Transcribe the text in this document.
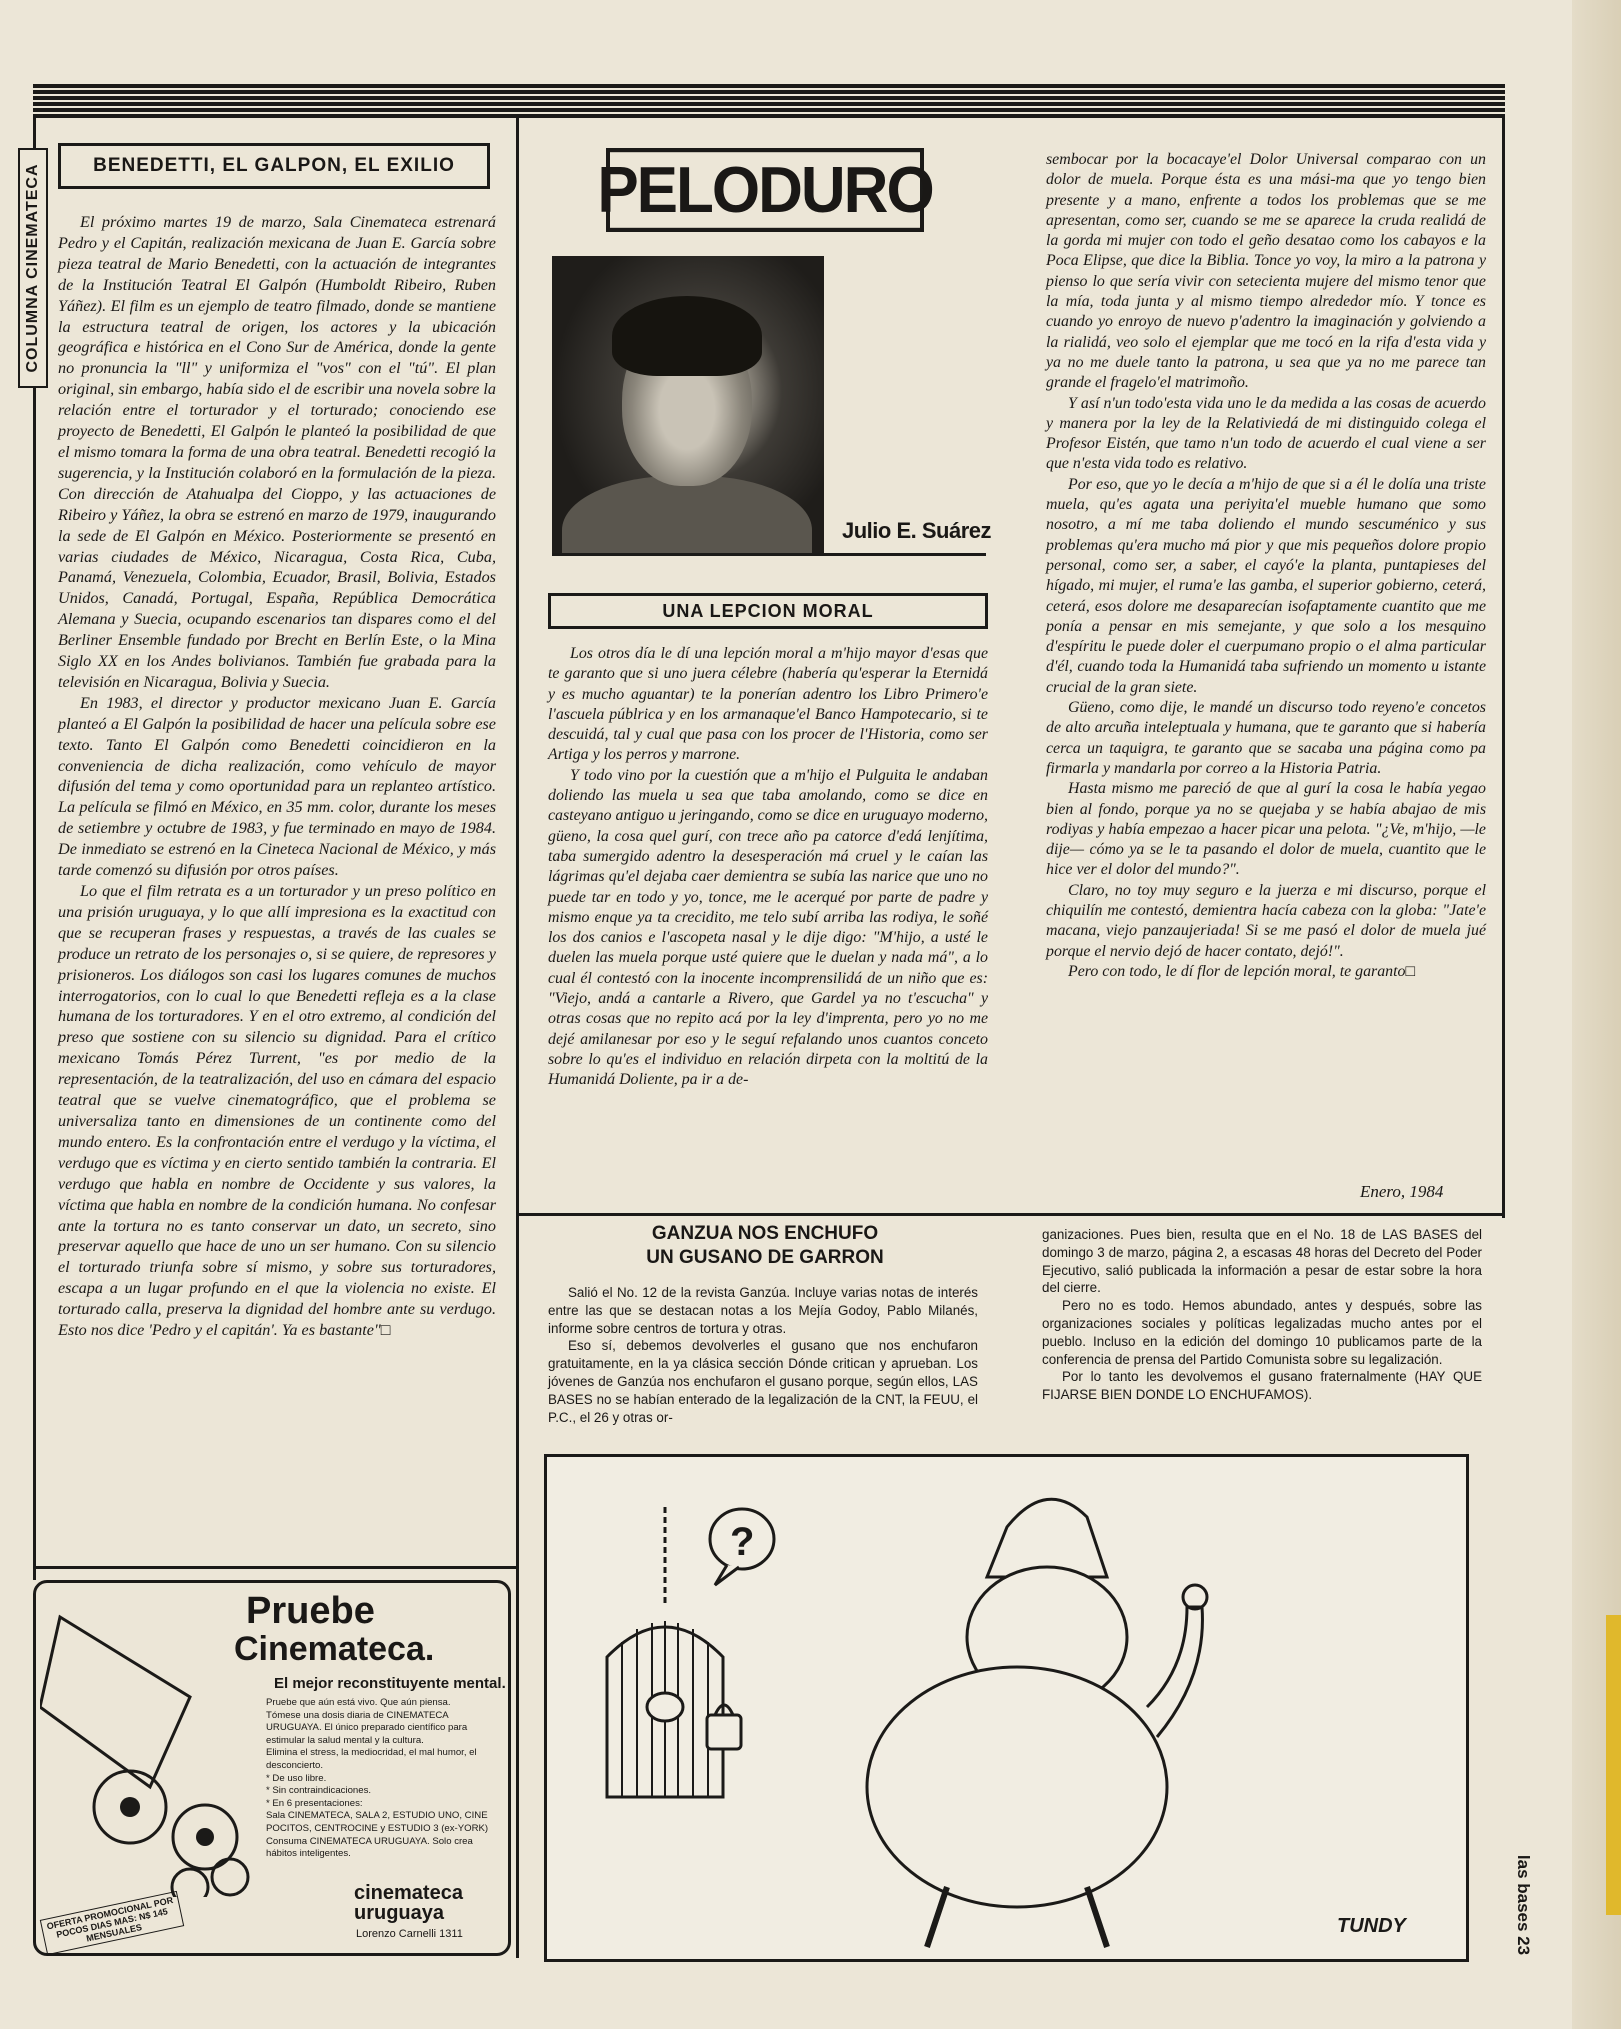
COLUMNA CINEMATECA	BENEDETTI, EL GALPON, EL EXILIO

El próximo martes 19 de marzo, Sala Cinemateca estrenará Pedro y el Capitán, realización mexicana de Juan E. García sobre pieza teatral de Mario Benedetti, con la actuación de integrantes de la Institución Teatral El Galpón (Humboldt Ribeiro, Ruben Yáñez). El film es un ejemplo de teatro filmado, donde se mantiene la estructura teatral de origen, los actores y la ubicación geográfica e histórica en el Cono Sur de América, donde la gente no pronuncia la "ll" y uniformiza el "vos" con el "tú". El plan original, sin embargo, había sido el de escribir una novela sobre la relación entre el torturador y el torturado; conociendo ese proyecto de Benedetti, El Galpón le planteó la posibilidad de que el mismo tomara la forma de una obra teatral. Benedetti recogió la sugerencia, y la Institución colaboró en la formulación de la pieza. Con dirección de Atahualpa del Cioppo, y las actuaciones de Ribeiro y Yáñez, la obra se estrenó en marzo de 1979, inaugurando la sede de El Galpón en México. Posteriormente se presentó en varias ciudades de México, Nicaragua, Costa Rica, Cuba, Panamá, Venezuela, Colombia, Ecuador, Brasil, Bolivia, Estados Unidos, Canadá, Portugal, España, República Democrática Alemana y Suecia, ocupando escenarios tan dispares como el del Berliner Ensemble fundado por Brecht en Berlín Este, o la Mina Siglo XX en los Andes bolivianos. También fue grabada para la televisión en Nicaragua, Bolivia y Suecia.

En 1983, el director y productor mexicano Juan E. García planteó a El Galpón la posibilidad de hacer una película sobre ese texto. Tanto El Galpón como Benedetti coincidieron en la conveniencia de dicha realización, como vehículo de mayor difusión del tema y como oportunidad para un replanteo artístico. La película se filmó en México, en 35 mm. color, durante los meses de setiembre y octubre de 1983, y fue terminado en mayo de 1984. De inmediato se estrenó en la Cineteca Nacional de México, y más tarde comenzó su difusión por otros países.

Lo que el film retrata es a un torturador y un preso político en una prisión uruguaya, y lo que allí impresiona es la exactitud con que se recuperan frases y respuestas, a través de las cuales se produce un retrato de los personajes o, si se quiere, de represores y prisioneros. Los diálogos son casi los lugares comunes de muchos interrogatorios, con lo cual lo que Benedetti refleja es a la clase humana de los torturadores. Y en el otro extremo, al condición del preso que sostiene con su silencio su dignidad. Para el crítico mexicano Tomás Pérez Turrent, "es por medio de la representación, de la teatralización, del uso en cámara del espacio teatral que se vuelve cinematográfico, que el problema se universaliza tanto en dimensiones de un continente como del mundo entero. Es la confrontación entre el verdugo y la víctima, el verdugo que es víctima y en cierto sentido también la contraria. El verdugo que habla en nombre de Occidente y sus valores, la víctima que habla en nombre de la condición humana. No confesar ante la tortura no es tanto conservar un dato, un secreto, sino preservar aquello que hace de uno un ser humano. Con su silencio el torturado triunfa sobre sí mismo, y sobre sus torturadores, escapa a un lugar profundo en el que la violencia no existe. El torturado calla, preserva la dignidad del hombre ante su verdugo. Esto nos dice 'Pedro y el capitán'. Ya es bastante"□

PELODURO
Julio E. Suárez
UNA LEPCION MORAL

Los otros día le dí una lepción moral a m'hijo mayor d'esas que te garanto que si uno juera célebre (habería qu'esperar la Eternidá y es mucho aguantar) te la ponerían adentro los Libro Primero'e l'ascuela públrica y en los armanaque'el Banco Hampotecario, si te descuidá, tal y cual que pasa con los procer de l'Historia, como ser Artiga y los perros y marrone.

Y todo vino por la cuestión que a m'hijo el Pulguita le andaban doliendo las muela u sea que taba amolando, como se dice en casteyano antiguo u jeringando, como se dice en uruguayo moderno, güeno, la cosa quel gurí, con trece año pa catorce d'edá lenjítima, taba sumergido adentro la desesperación má cruel y le caían las lágrimas qu'el dejaba caer demientra se subía las narice que uno no puede tar en todo y yo, tonce, me le acerqué por parte de padre y mismo enque ya ta crecidito, me telo subí arriba las rodiya, le soñé los dos canios e l'ascopeta nasal y le dije digo: "M'hijo, a usté le duelen las muela porque usté quiere que le duelan y nada má", a lo cual él contestó con la inocente incomprensilidá de un niño que es: "Viejo, andá a cantarle a Rivero, que Gardel ya no t'escucha" y otras cosas que no repito acá por la ley d'imprenta, pero yo no me dejé amilanesar por eso y le seguí refalando unos cuantos conceto sobre lo qu'es el individuo en relación dirpeta con la moltitú de la Humanidá Doliente, pa ir a de-

sembocar por la bocacaye'el Dolor Universal comparao con un dolor de muela. Porque ésta es una mási-ma que yo tengo bien presente y a mano, enfrente a todos los problemas que se me apresentan, como ser, cuando se me se aparece la cruda realidá de la gorda mi mujer con todo el geño desatao como los cabayos e la Poca Elipse, que dice la Biblia. Tonce yo voy, la miro a la patrona y pienso lo que sería vivir con setecienta mujere del mismo tenor que la mía, toda junta y al mismo tiempo alrededor mío. Y tonce es cuando yo enroyo de nuevo p'adentro la imaginación y golviendo a la rialidá, veo solo el ejemplar que me tocó en la rifa d'esta vida y ya no me duele tanto la patrona, u sea que ya no me parece tan grande el fragelo'el matrimoño.

Y así n'un todo'esta vida uno le da medida a las cosas de acuerdo y manera por la ley de la Relativiedá de mi distinguido colega el Profesor Eistén, que tamo n'un todo de acuerdo el cual viene a ser que n'esta vida todo es relativo.

Por eso, que yo le decía a m'hijo de que si a él le dolía una triste muela, qu'es agata una periyita'el mueble humano que somo nosotro, a mí me taba doliendo el mundo sescuménico y sus problemas qu'era mucho má pior y que mis pequeños dolore propio personal, como ser, a saber, el cayó'e la planta, puntapieses del hígado, mi mujer, el ruma'e las gamba, el superior gobierno, ceterá, ceterá, esos dolore me desaparecían isofaptamente cuantito que me ponía a pensar en mis semejante, y que solo a los mesquino d'espíritu le puede doler el cuerpumano propio o el alma particular d'él, cuando toda la Humanidá taba sufriendo un momento u istante crucial de la gran siete.

Güeno, como dije, le mandé un discurso todo reyeno'e concetos de alto arcuña inteleptuala y humana, que te garanto que si habería cerca un taquigra, te garanto que se sacaba una página como pa firmarla y mandarla por correo a la Historia Patria.

Hasta mismo me pareció de que al gurí la cosa le había yegao bien al fondo, porque ya no se quejaba y se había abajao de mis rodiyas y había empezao a hacer picar una pelota. "¿Ve, m'hijo, —le dije— cómo ya se le ta pasando el dolor de muela, cuantito que le hice ver el dolor del mundo?".

Claro, no toy muy seguro e la juerza e mi discurso, porque el chiquilín me contestó, demientra hacía cabeza con la globa: "Jate'e macana, viejo panzaujeriada! Si se me pasó el dolor de muela jué porque el nervio dejó de hacer contato, dejó!".

Pero con todo, le dí flor de lepción moral, te garanto□

Enero, 1984
GANZUA NOS ENCHUFO
UN GUSANO DE GARRON

Salió el No. 12 de la revista Ganzúa. Incluye varias notas de interés entre las que se destacan notas a los Mejía Godoy, Pablo Milanés, informe sobre centros de tortura y otras.

Eso sí, debemos devolverles el gusano que nos enchufaron gratuitamente, en la ya clásica sección Dónde critican y aprueban. Los jóvenes de Ganzúa nos enchufaron el gusano porque, según ellos, LAS BASES no se habían enterado de la legalización de la CNT, la FEUU, el P.C., el 26 y otras or-

ganizaciones. Pues bien, resulta que en el No. 18 de LAS BASES del domingo 3 de marzo, página 2, a escasas 48 horas del Decreto del Poder Ejecutivo, salió publicada la información a pesar de estar sobre la hora del cierre.

Pero no es todo. Hemos abundado, antes y después, sobre las organizaciones sociales y políticas legalizadas mucho antes por el pueblo. Incluso en la edición del domingo 10 publicamos parte de la conferencia de prensa del Partido Comunista sobre su legalización.

Por lo tanto les devolvemos el gusano fraternalmente (HAY QUE FIJARSE BIEN DONDE LO ENCHUFAMOS).

?
TUNDY
Pruebe
Cinemateca.
El mejor reconstituyente mental.
Pruebe que aún está vivo. Que aún piensa.
Tómese una dosis diaria de CINEMATECA URUGUAYA. El único preparado científico para estimular la salud mental y la cultura.
Elimina el stress, la mediocridad, el mal humor, el desconcierto.
* De uso libre.
* Sin contraindicaciones.
* En 6 presentaciones:
Sala CINEMATECA, SALA 2, ESTUDIO UNO, CINE POCITOS, CENTROCINE y ESTUDIO 3 (ex-YORK)
Consuma CINEMATECA URUGUAYA. Solo crea hábitos inteligentes.
OFERTA PROMOCIONAL POR POCOS DIAS MAS: N$ 145 MENSUALES
cinemateca
uruguaya
Lorenzo Carnelli 1311	las bases 23
